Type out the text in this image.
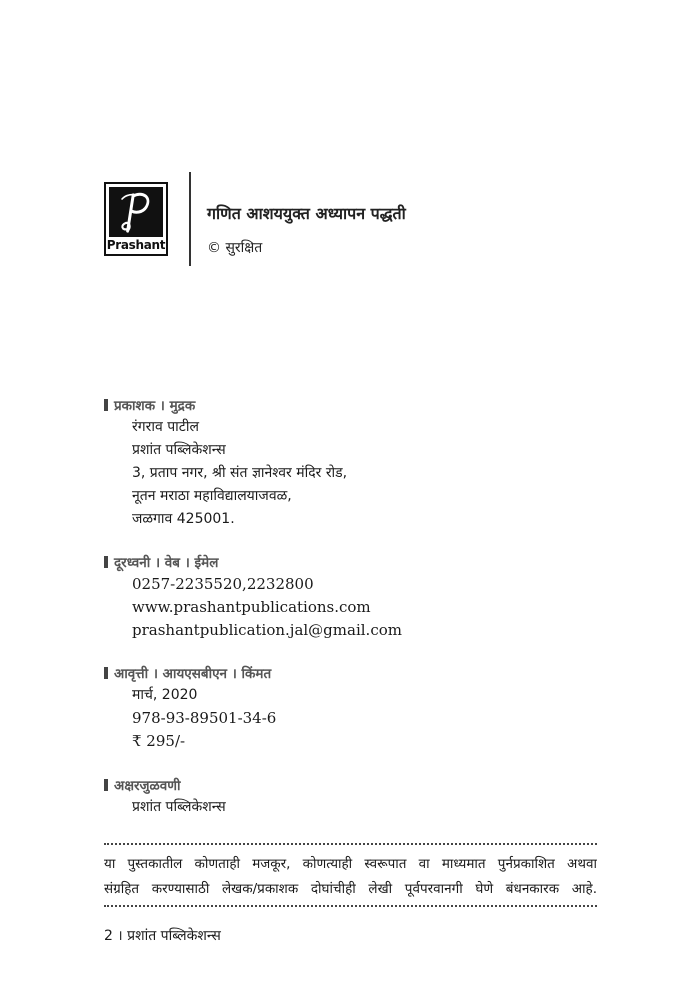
Prashant
गणित आशययुक्त अध्यापन पद्धती
© सुरक्षित
प्रकाशक । मुद्रक
रंगराव पाटील
प्रशांत पब्लिकेशन्स
3, प्रताप नगर, श्री संत ज्ञानेश्वर मंदिर रोड,
नूतन मराठा महाविद्यालयाजवळ,
जळगाव 425001.
दूरध्वनी । वेब । ईमेल
0257-2235520,2232800
www.prashantpublications.com
prashantpublication.jal@gmail.com
आवृत्ती । आयएसबीएन । किंमत
मार्च, 2020
978-93-89501-34-6
₹ 295/-
अक्षरजुळवणी
प्रशांत पब्लिकेशन्स
या पुस्तकातील कोणताही मजकूर, कोणत्याही स्वरूपात वा माध्यमात पुर्नप्रकाशित अथवा
संग्रहित करण्यासाठी लेखक/प्रकाशक दोघांचीही लेखी पूर्वपरवानगी घेणे बंधनकारक आहे.
2 । प्रशांत पब्लिकेशन्स
